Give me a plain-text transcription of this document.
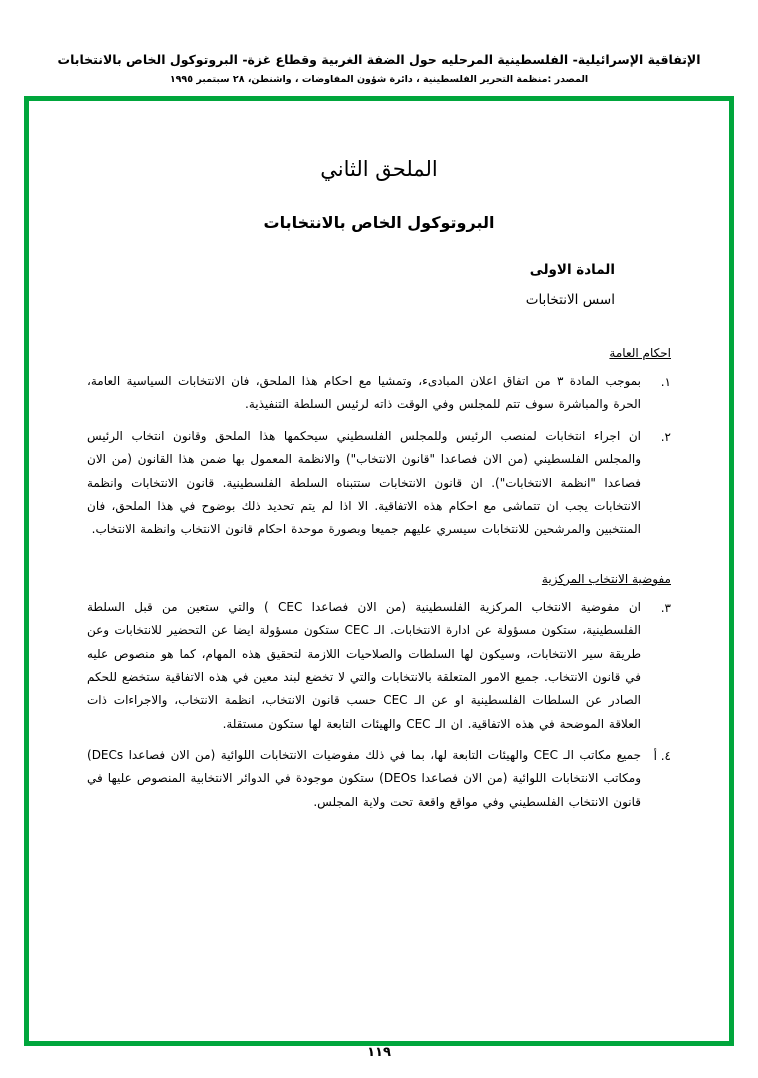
الإتفاقية الإسرائيلية- الفلسطينية المرحليه حول الضفة الغربية وقطاع غزة- البروتوكول الخاص بالانتخابات
المصدر :منظمة التحرير الفلسطينية ، دائرة شؤون المفاوضات ، واشنطن، ٢٨ سبتمبر ١٩٩٥
الملحق الثاني
البروتوكول الخاص بالانتخابات
المادة الاولى
اسس الانتخابات
احكام العامة
١.
بموجب المادة ٣ من اتفاق اعلان المبادىء، وتمشيا مع احكام هذا الملحق، فان الانتخابات السياسية العامة، الحرة والمباشرة سوف تتم للمجلس وفي الوقت ذاته لرئيس السلطة التنفيذية.
٢.
ان اجراء انتخابات لمنصب الرئيس وللمجلس الفلسطيني سيحكمها هذا الملحق وقانون انتخاب الرئيس والمجلس الفلسطيني (من الان فصاعدا "قانون الانتخاب") والانظمة المعمول بها ضمن هذا القانون (من الان فصاعدا "انظمة الانتخابات"). ان قانون الانتخابات ستتبناه السلطة الفلسطينية. قانون الانتخابات وانظمة الانتخابات يجب ان تتماشى مع احكام هذه الاتفاقية. الا اذا لم يتم تحديد ذلك بوضوح في هذا الملحق، فان المنتخبين والمرشحين للانتخابات سيسري عليهم جميعا وبصورة موحدة احكام قانون الانتخاب وانظمة الانتخاب.
مفوضية الانتخاب المركزية
٣.
ان مفوضية الانتخاب المركزية الفلسطينية (من الان فصاعدا CEC ) والتي ستعين من قبل السلطة الفلسطينية، ستكون مسؤولة عن ادارة الانتخابات. الـ CEC ستكون مسؤولة ايضا عن التحضير للانتخابات وعن طريقة سير الانتخابات، وسيكون لها السلطات والصلاحيات اللازمة لتحقيق هذه المهام، كما هو منصوص عليه في قانون الانتخاب. جميع الامور المتعلقة بالانتخابات والتي لا تخضع لبند معين في هذه الاتفاقية ستخضع للحكم الصادر عن السلطات الفلسطينية او عن الـ CEC حسب قانون الانتخاب، انظمة الانتخاب، والاجراءات ذات العلاقة الموضحة في هذه الاتفاقية. ان الـ CEC والهيئات التابعة لها ستكون مستقلة.
٤. أ
جميع مكاتب الـ CEC والهيئات التابعة لها، بما في ذلك مفوضيات الانتخابات اللوائية (من الان فصاعدا DECs) ومكاتب الانتخابات اللوائية (من الان فصاعدا DEOs) ستكون موجودة في الدوائر الانتخابية المنصوص عليها في قانون الانتخاب الفلسطيني وفي مواقع واقعة تحت ولاية المجلس.
١١٩
